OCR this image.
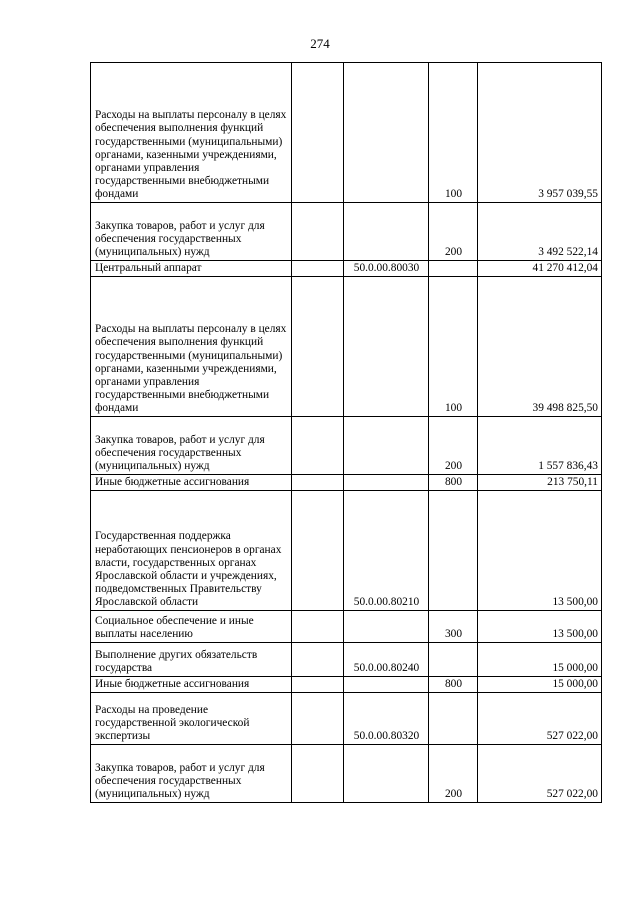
274
Расходы на выплаты персоналу в целях обеспечения выполнения функций государственными (муниципальными) органами, казенными учреждениями, органами управления государственными внебюджетными фондами			100	3 957 039,55
Закупка товаров, работ и услуг для обеспечения государственных (муниципальных) нужд			200	3 492 522,14
Центральный аппарат		50.0.00.80030		41 270 412,04
Расходы на выплаты персоналу в целях обеспечения выполнения функций государственными (муниципальными) органами, казенными учреждениями, органами управления государственными внебюджетными фондами			100	39 498 825,50
Закупка товаров, работ и услуг для обеспечения государственных (муниципальных) нужд			200	1 557 836,43
Иные бюджетные ассигнования			800	213 750,11
Государственная поддержка неработающих пенсионеров в органах власти, государственных органах Ярославской области и учреждениях, подведомственных Правительству Ярославской области		50.0.00.80210		13 500,00
Социальное обеспечение и иные выплаты населению			300	13 500,00
Выполнение других обязательств государства		50.0.00.80240		15 000,00
Иные бюджетные ассигнования			800	15 000,00
Расходы на проведение государственной экологической экспертизы		50.0.00.80320		527 022,00
Закупка товаров, работ и услуг для обеспечения государственных (муниципальных) нужд			200	527 022,00
